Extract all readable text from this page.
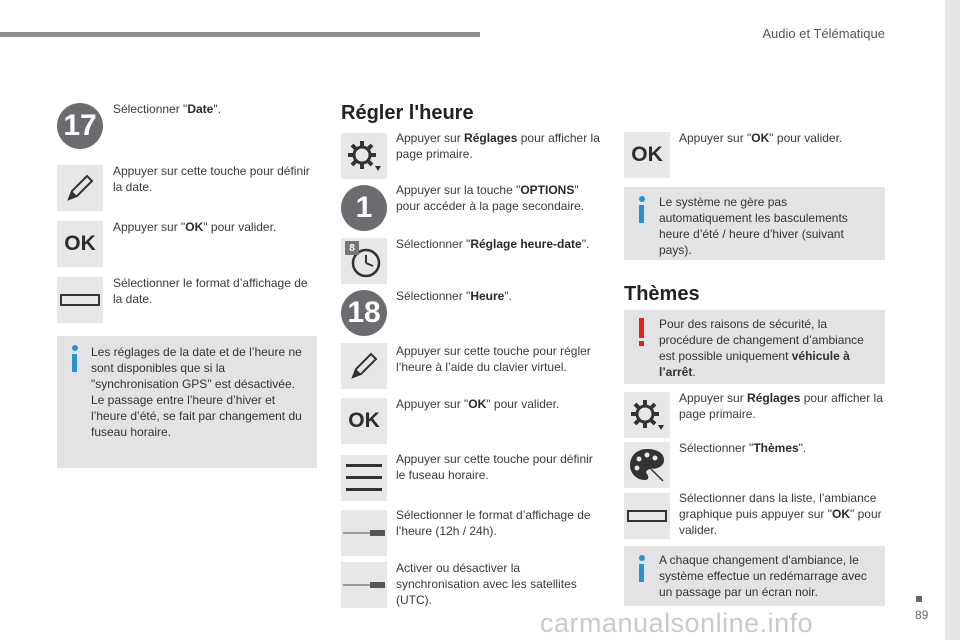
Audio et Télématique
carmanualsonline.info	89
17 Sélectionner "Date".
Appuyer sur cette touche pour définir la date.
OK
Appuyer sur "OK" pour valider.
Sélectionner le format d’affichage de la date.
Les réglages de la date et de l’heure ne sont disponibles que si la "synchronisation GPS" est désactivée. Le passage entre l’heure d’hiver et l’heure d’été, se fait par changement du fuseau horaire.
Régler l'heure
Appuyer sur Réglages pour afficher la page primaire.
1
Appuyer sur la touche "OPTIONS" pour accéder à la page secondaire.
8	Sélectionner "Réglage heure-date".
18 Sélectionner "Heure".
Appuyer sur cette touche pour régler l’heure à l’aide du clavier virtuel.
OK
Appuyer sur "OK" pour valider.
Appuyer sur cette touche pour définir le fuseau horaire.
Sélectionner le format d’affichage de l’heure (12h / 24h).
Activer ou désactiver la synchronisation avec les satellites (UTC).
OK
Appuyer sur "OK" pour valider.
Le système ne gère pas automatiquement les basculements heure d’été / heure d’hiver (suivant pays).
Thèmes
Pour des raisons de sécurité, la procédure de changement d’ambiance est possible uniquement véhicule à l’arrêt.
Appuyer sur Réglages pour afficher la page primaire.
Sélectionner "Thèmes".
Sélectionner dans la liste, l’ambiance graphique puis appuyer sur "OK" pour valider.
A chaque changement d'ambiance, le système effectue un redémarrage avec un passage par un écran noir.
